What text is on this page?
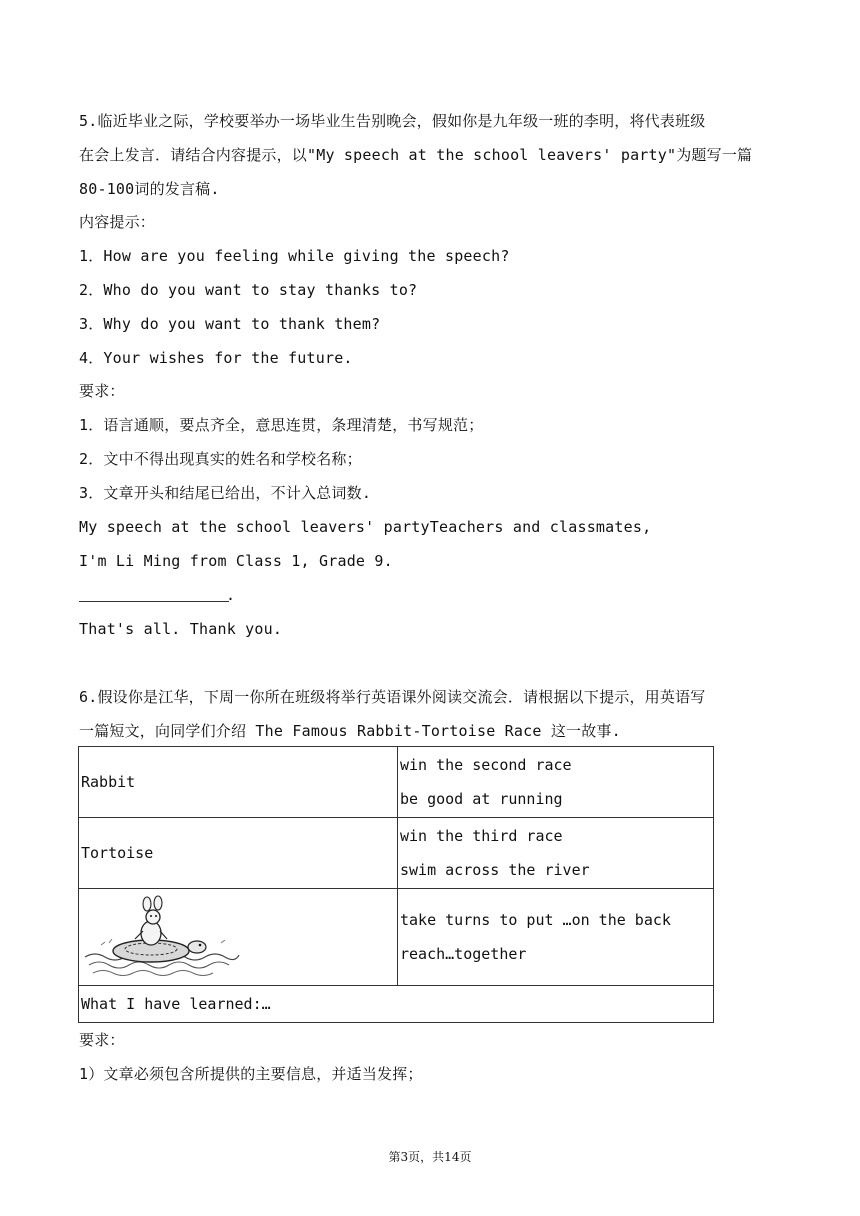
5.临近毕业之际，学校要举办一场毕业生告别晚会，假如你是九年级一班的李明，将代表班级
在会上发言．请结合内容提示，以"My speech at the school leavers' party"为题写一篇
80-100词的发言稿.
内容提示：
1．How are you feeling while giving the speech?
2．Who do you want to stay thanks to?
3．Why do you want to thank them?
4．Your wishes for the future.
要求：
1．语言通顺，要点齐全，意思连贯，条理清楚，书写规范；
2．文中不得出现真实的姓名和学校名称；
3．文章开头和结尾已给出，不计入总词数.
My speech at the school leavers' partyTeachers and classmates,
I'm Li Ming from Class 1, Grade 9.
.
That's all. Thank you.
6.假设你是江华，下周一你所在班级将举行英语课外阅读交流会．请根据以下提示，用英语写
一篇短文，向同学们介绍 The Famous Rabbit-Tortoise Race 这一故事.
Rabbit	win the second race
be good at running

Tortoise	win the third race
swim across the river

take turns to put …on the back
reach…together

What I have learned:…	
要求：
1）文章必须包含所提供的主要信息，并适当发挥；
第3页，共14页
